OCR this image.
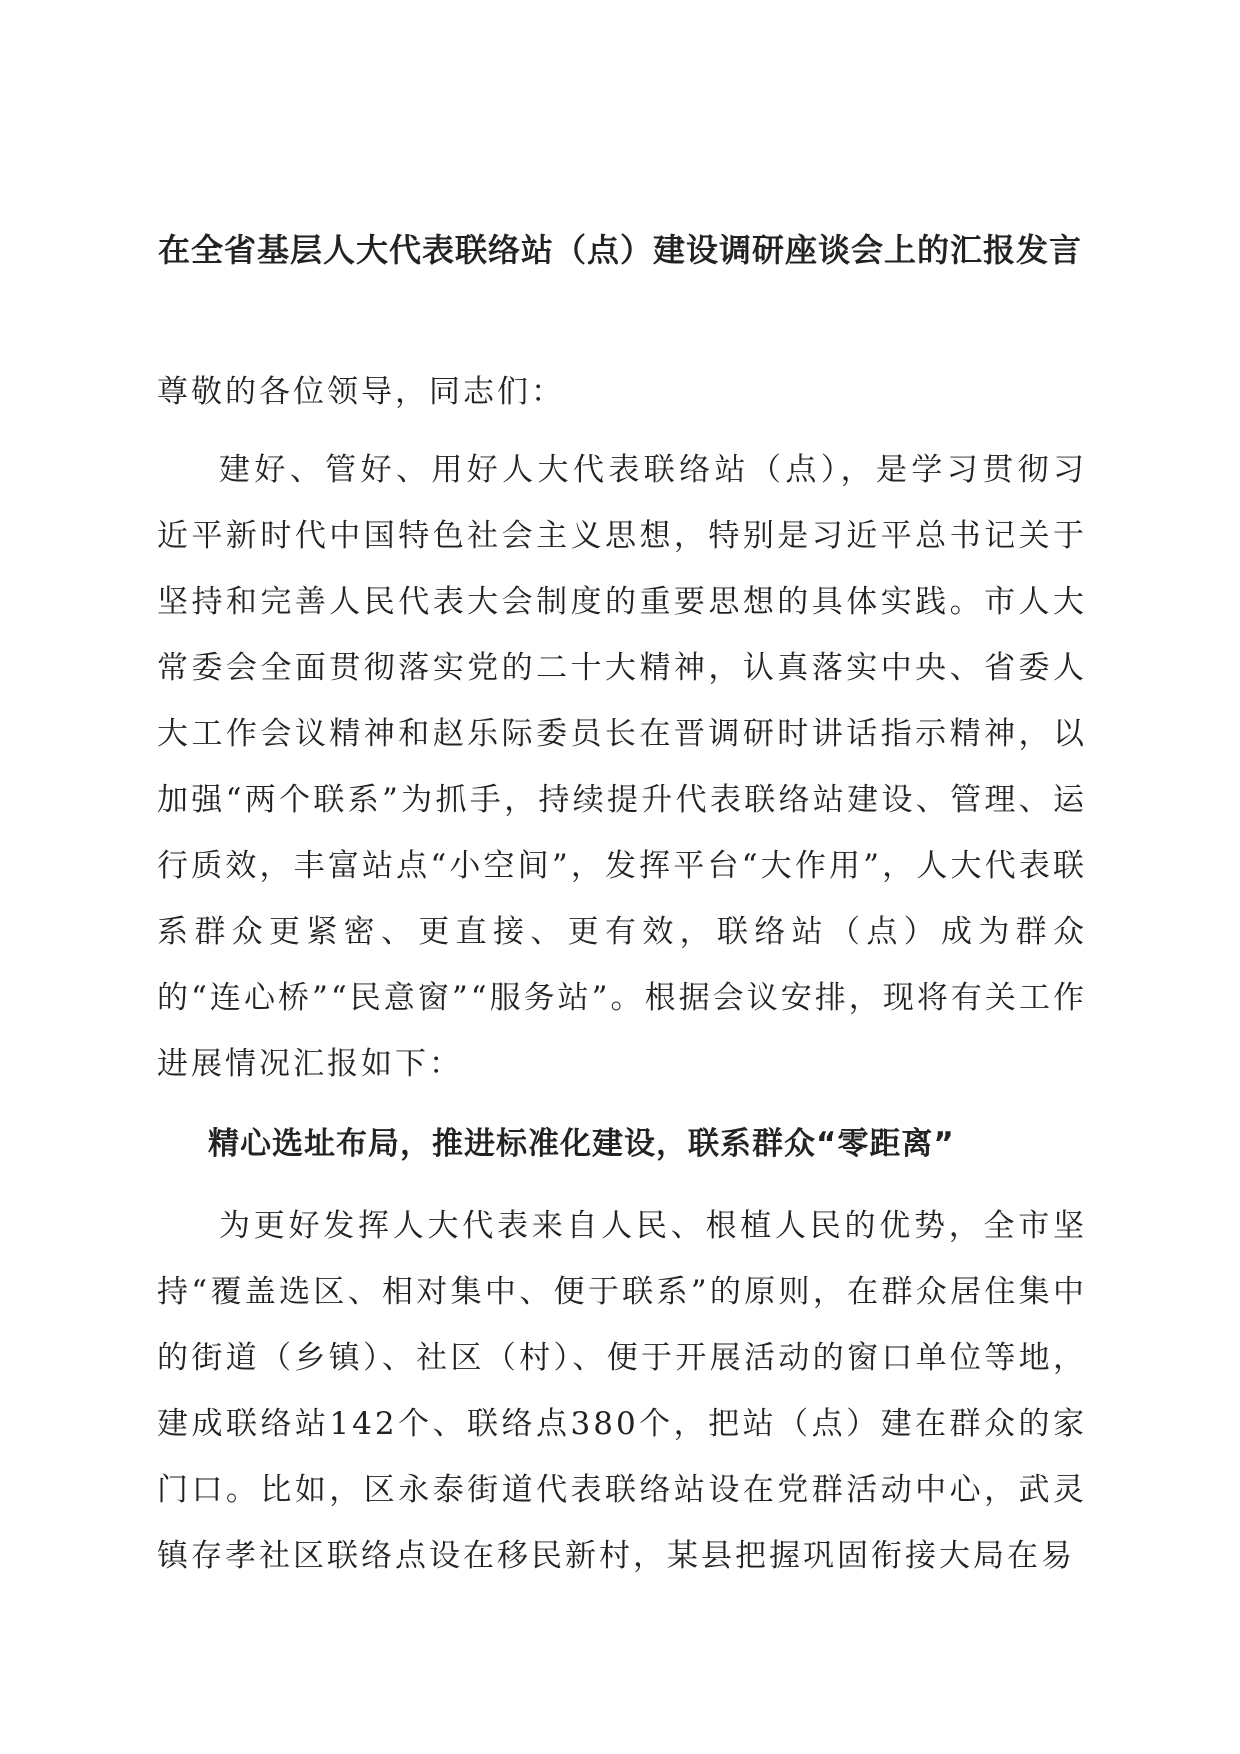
在全省基层人大代表联络站（点）建设调研座谈会上的汇报发言
尊敬的各位领导，同志们：
建好、管好、用好人大代表联络站（点），是学习贯彻习近平新时代中国特色社会主义思想，特别是习近平总书记关于坚持和完善人民代表大会制度的重要思想的具体实践。市人大常委会全面贯彻落实党的二十大精神，认真落实中央、省委人大工作会议精神和赵乐际委员长在晋调研时讲话指示精神，以加强“两个联系”为抓手，持续提升代表联络站建设、管理、运行质效，丰富站点“小空间”，发挥平台“大作用”，人大代表联系群众更紧密、更直接、更有效，联络站（点）成为群众的“连心桥”“民意窗”“服务站”。根据会议安排，现将有关工作进展情况汇报如下：
精心选址布局，推进标准化建设，联系群众“零距离”
为更好发挥人大代表来自人民、根植人民的优势，全市坚持“覆盖选区、相对集中、便于联系”的原则，在群众居住集中的街道（乡镇）、社区（村）、便于开展活动的窗口单位等地，建成联络站142个、联络点380个，把站（点）建在群众的家门口。比如，区永泰街道代表联络站设在党群活动中心，武灵镇存孝社区联络点设在移民新村，某县把握巩固衔接大局在易
